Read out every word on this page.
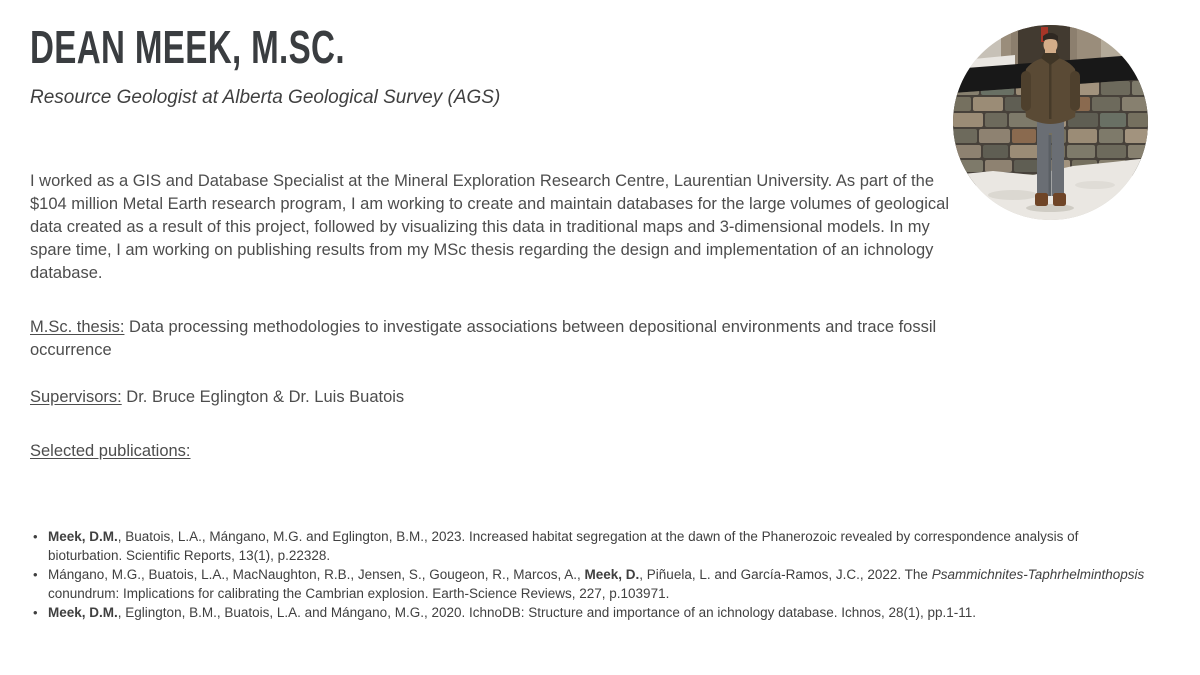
DEAN MEEK, M.SC.
Resource Geologist at Alberta Geological Survey (AGS)

I worked as a GIS and Database Specialist at the Mineral Exploration Research Centre, Laurentian University. As part of the $104 million Metal Earth research program, I am working to create and maintain databases for the large volumes of geological data created as a result of this project, followed by visualizing this data in traditional maps and 3-dimensional models. In my spare time, I am working on publishing results from my MSc thesis regarding the design and implementation of an ichnology database.

M.Sc. thesis: Data processing methodologies to investigate associations between depositional environments and trace fossil occurrence

Supervisors: Dr. Bruce Eglington & Dr. Luis Buatois

Selected publications:

• Meek, D.M., Buatois, L.A., Mángano, M.G. and Eglington, B.M., 2023. Increased habitat segregation at the dawn of the Phanerozoic revealed by correspondence analysis of bioturbation. Scientific Reports, 13(1), p.22328.
• Mángano, M.G., Buatois, L.A., MacNaughton, R.B., Jensen, S., Gougeon, R., Marcos, A., Meek, D., Piñuela, L. and García-Ramos, J.C., 2022. The Psammichnites-Taphrhelminthopsis conundrum: Implications for calibrating the Cambrian explosion. Earth-Science Reviews, 227, p.103971.
• Meek, D.M., Eglington, B.M., Buatois, L.A. and Mángano, M.G., 2020. IchnoDB: Structure and importance of an ichnology database. Ichnos, 28(1), pp.1-11.
